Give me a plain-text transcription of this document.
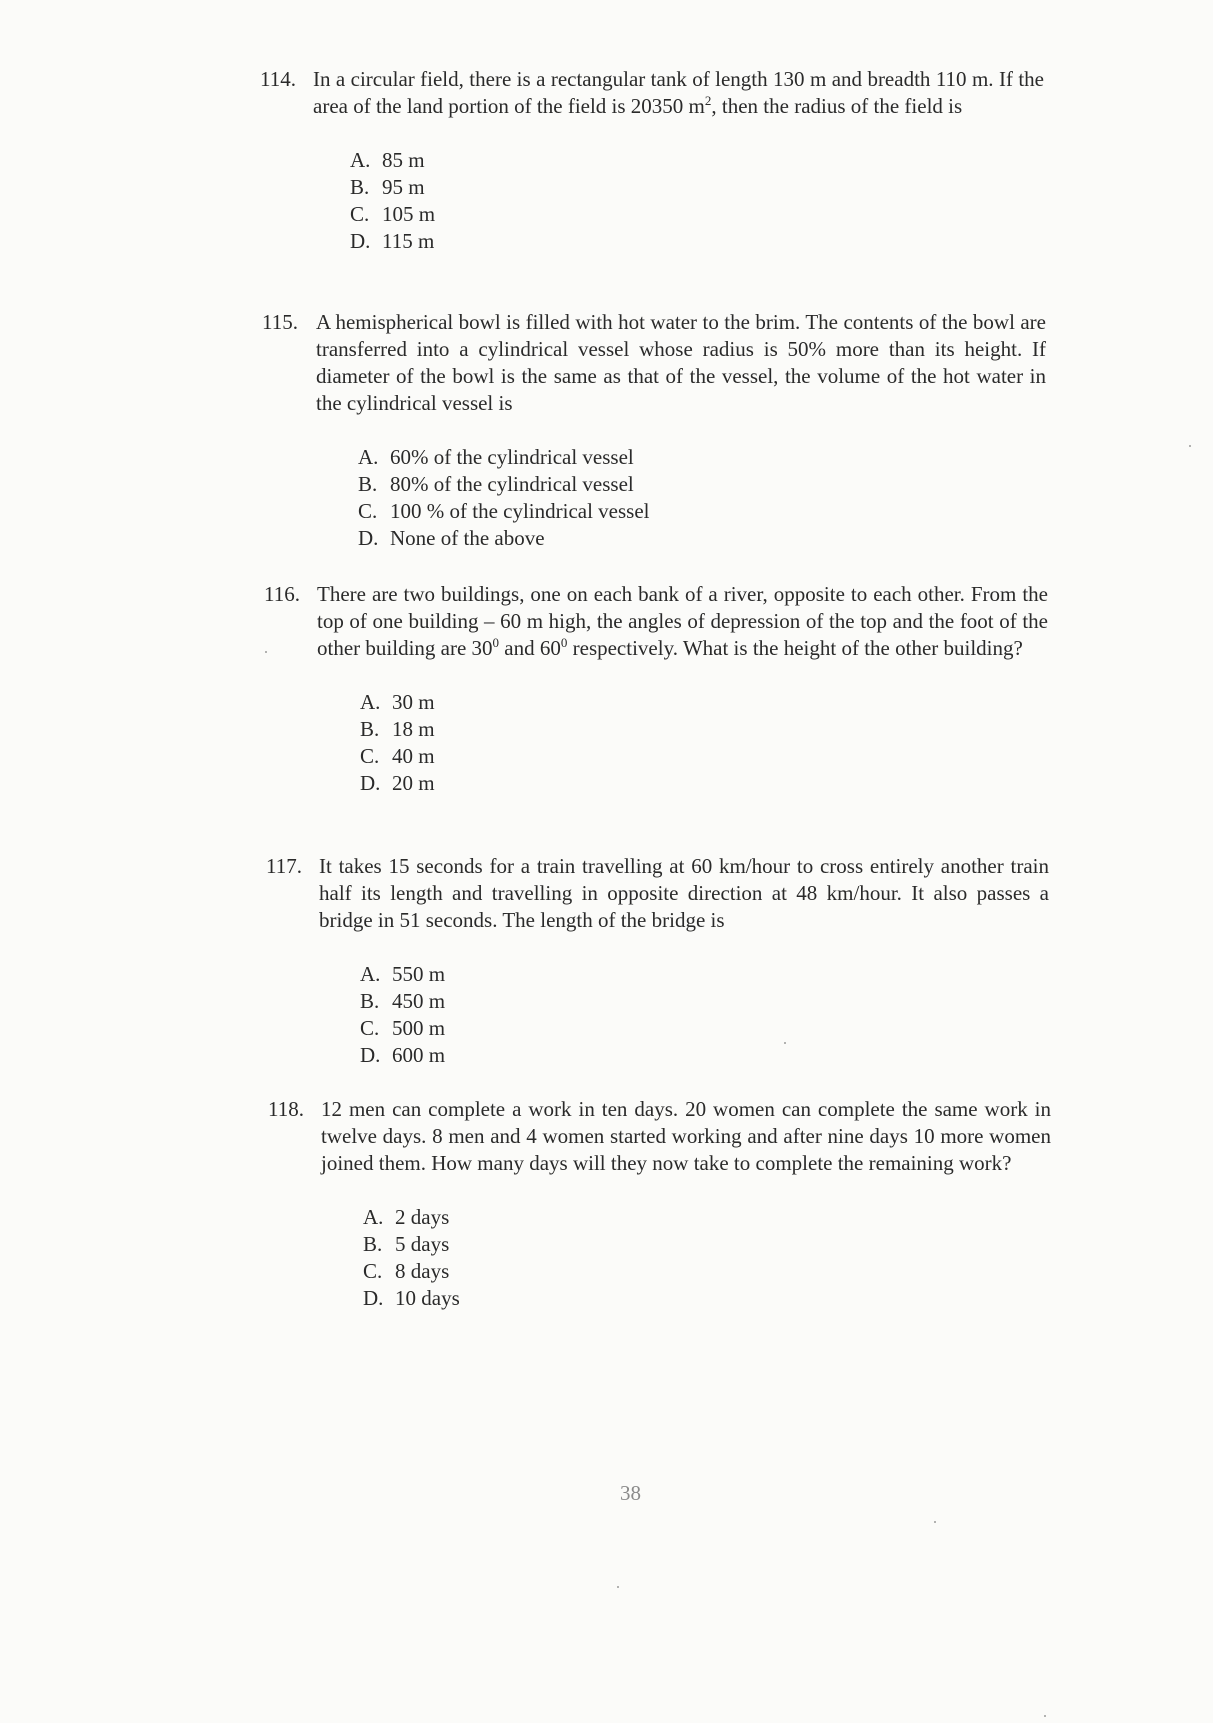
114. In a circular field, there is a rectangular tank of length 130 m and breadth 110 m. If the area of the land portion of the field is 20350 $m^2$, then the radius of the field is

A. 85 m
B. 95 m
C. 105 m
D. 115 m
115. A hemispherical bowl is filled with hot water to the brim. The contents of the bowl are transferred into a cylindrical vessel whose radius is 50% more than its height. If diameter of the bowl is the same as that of the vessel, the volume of the hot water in the cylindrical vessel is

A. 60% of the cylindrical vessel
B. 80% of the cylindrical vessel
C. 100 % of the cylindrical vessel
D. None of the above
116. There are two buildings, one on each bank of a river, opposite to each other. From the top of one building – 60 m high, the angles of depression of the top and the foot of the other building are $30^0$ and $60^0$ respectively. What is the height of the other building?

A. 30 m
B. 18 m
C. 40 m
D. 20 m
117. It takes 15 seconds for a train travelling at 60 km/hour to cross entirely another train half its length and travelling in opposite direction at 48 km/hour. It also passes a bridge in 51 seconds. The length of the bridge is

A. 550 m
B. 450 m
C. 500 m
D. 600 m
118. 12 men can complete a work in ten days. 20 women can complete the same work in twelve days. 8 men and 4 women started working and after nine days 10 more women joined them. How many days will they now take to complete the remaining work?

A. 2 days
B. 5 days
C. 8 days
D. 10 days
38
